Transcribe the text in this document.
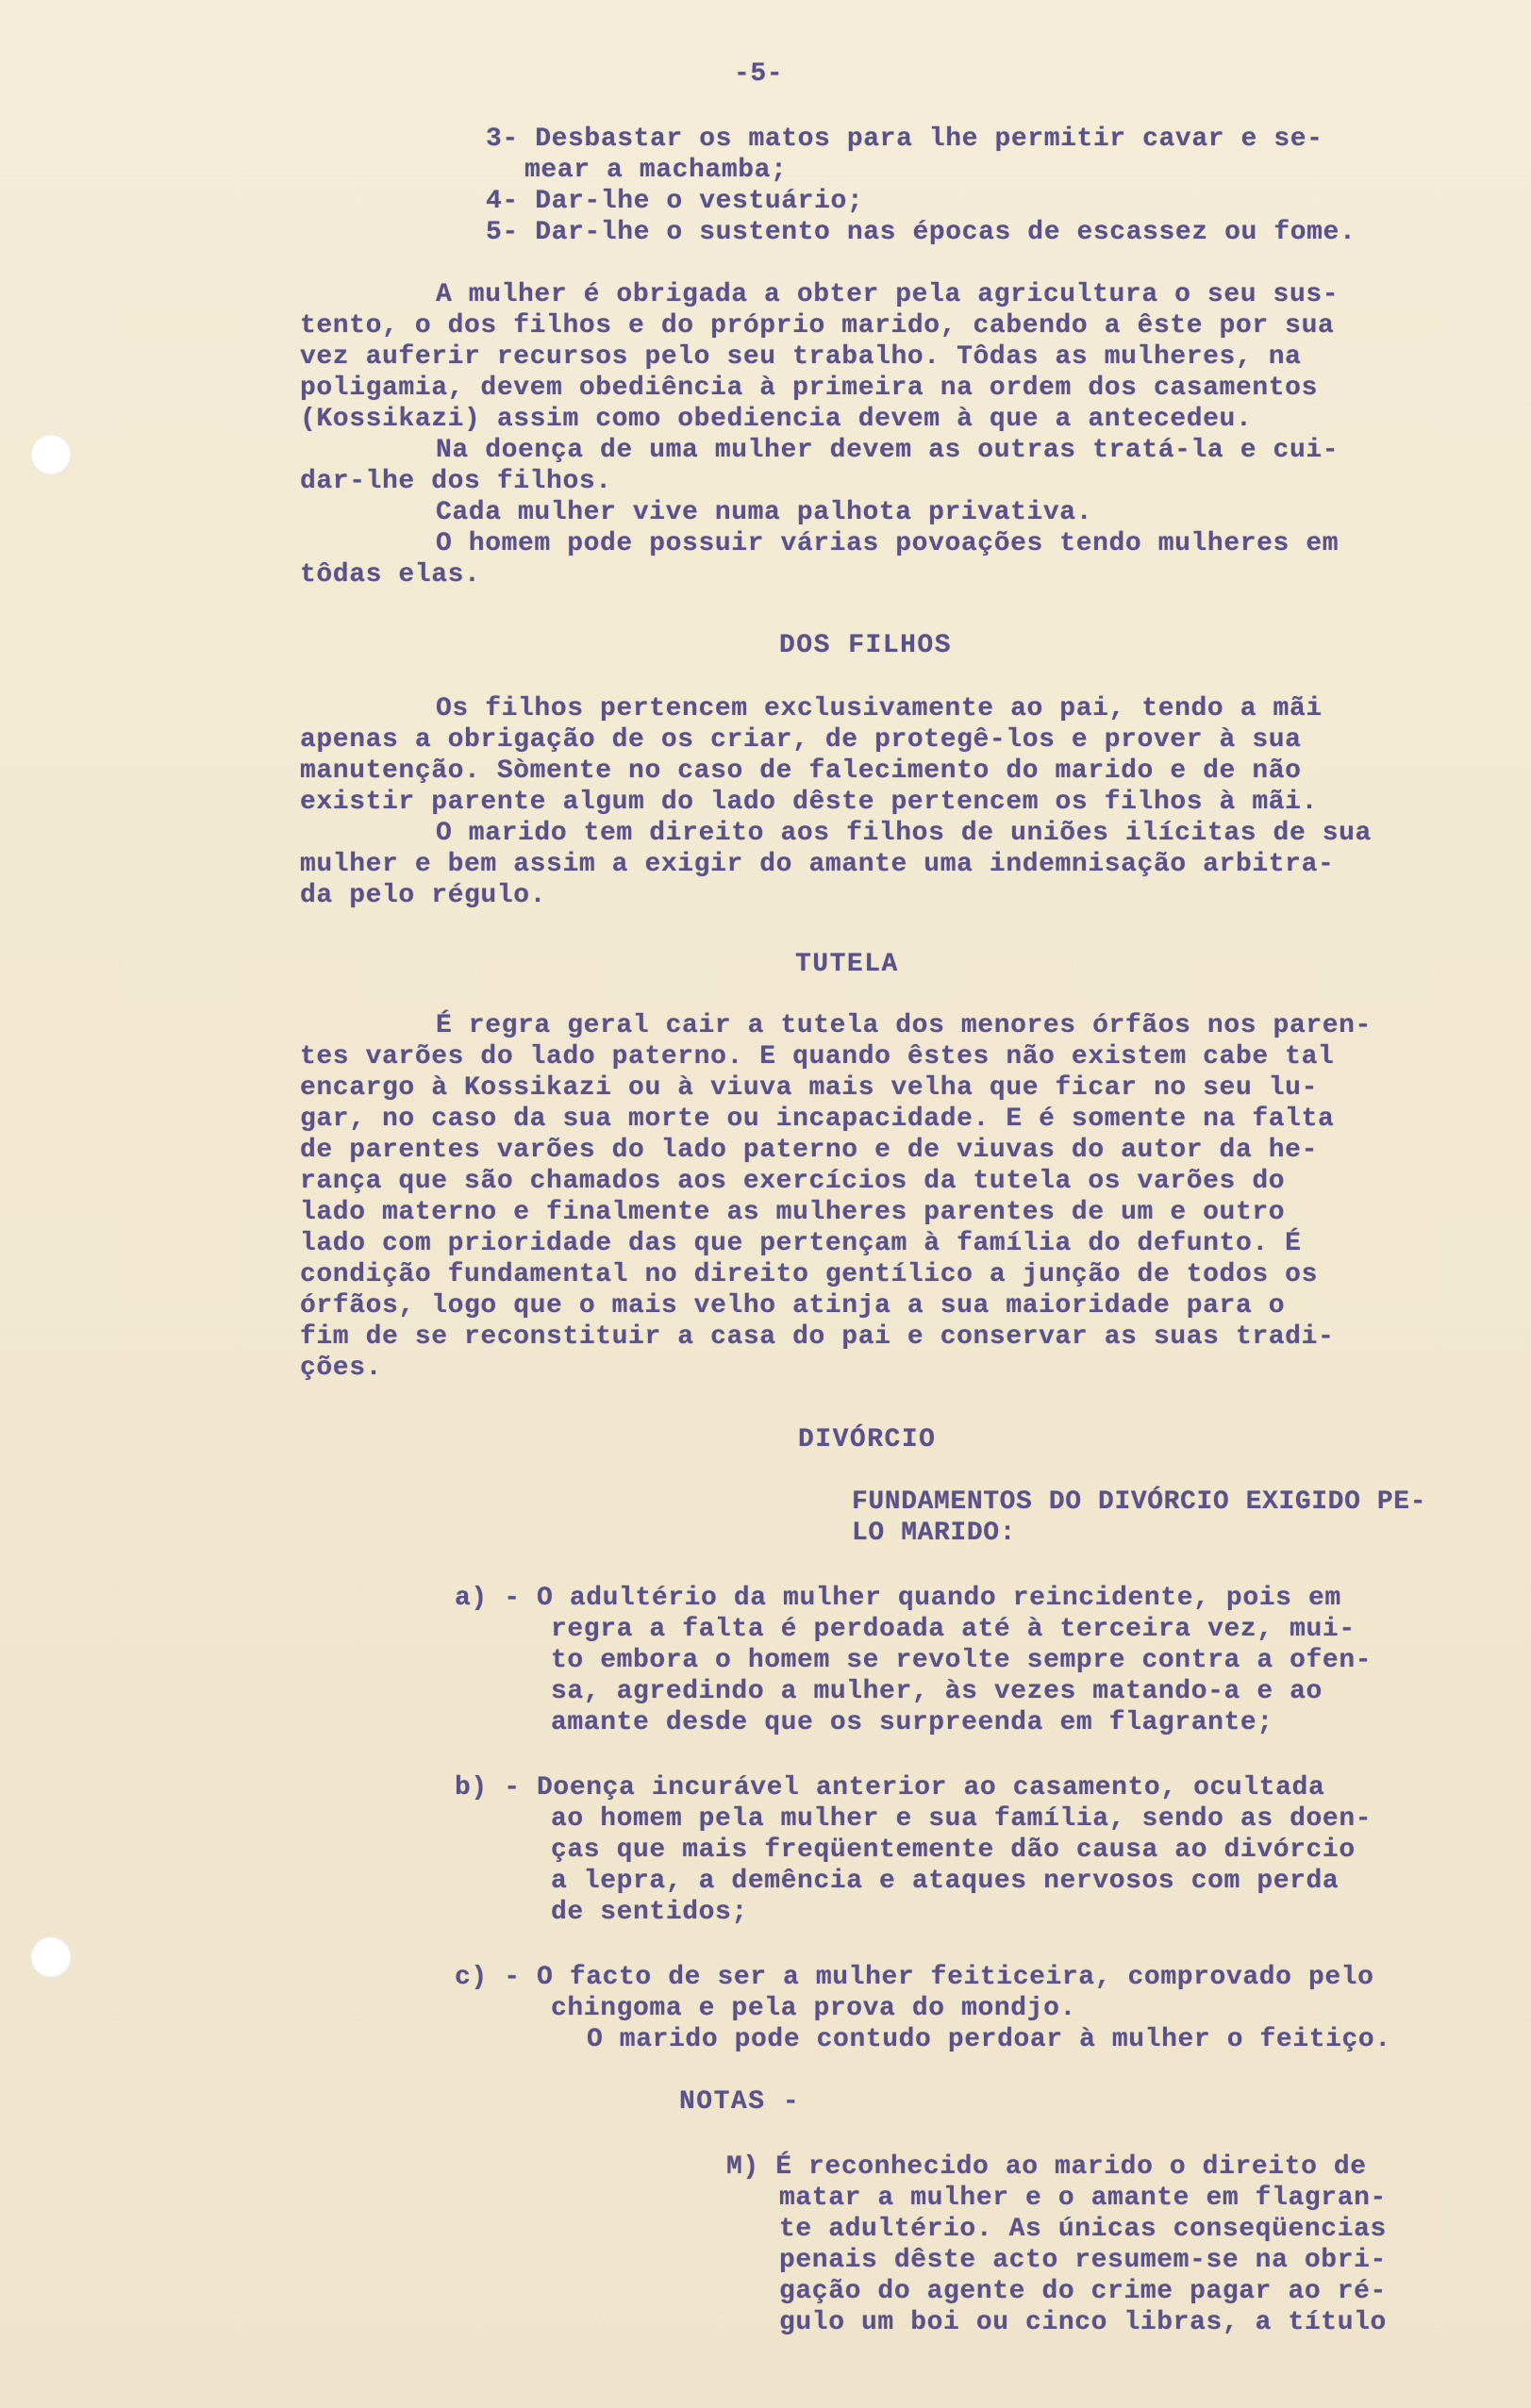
-5-

3- Desbastar os matos para lhe permitir cavar e se-

mear a machamba;

4- Dar-lhe o vestuário;

5- Dar-lhe o sustento nas épocas de escassez ou fome.

A mulher é obrigada a obter pela agricultura o seu sus-

tento, o dos filhos e do próprio marido, cabendo a êste por sua

vez auferir recursos pelo seu trabalho. Tôdas as mulheres, na

poligamia, devem obediência à primeira na ordem dos casamentos

(Kossikazi) assim como obediencia devem à que a antecedeu.

Na doença de uma mulher devem as outras tratá-la e cui-

dar-lhe dos filhos.

Cada mulher vive numa palhota privativa.

O homem pode possuir várias povoações tendo mulheres em

tôdas elas.

DOS FILHOS

Os filhos pertencem exclusivamente ao pai, tendo a mãi

apenas a obrigação de os criar, de protegê-los e prover à sua

manutenção. Sòmente no caso de falecimento do marido e de não

existir parente algum do lado dêste pertencem os filhos à mãi.

O marido tem direito aos filhos de uniões ilícitas de sua

mulher e bem assim a exigir do amante uma indemnisação arbitra-

da pelo régulo.

TUTELA

É regra geral cair a tutela dos menores órfãos nos paren-

tes varões do lado paterno. E quando êstes não existem cabe tal

encargo à Kossikazi ou à viuva mais velha que ficar no seu lu-

gar, no caso da sua morte ou incapacidade. E é somente na falta

de parentes varões do lado paterno e de viuvas do autor da he-

rança que são chamados aos exercícios da tutela os varões do

lado materno e finalmente as mulheres parentes de um e outro

lado com prioridade das que pertençam à família do defunto. É

condição fundamental no direito gentílico a junção de todos os

órfãos, logo que o mais velho atinja a sua maioridade para o

fim de se reconstituir a casa do pai e conservar as suas tradi-

ções.

DIVÓRCIO

FUNDAMENTOS DO DIVÓRCIO EXIGIDO PE-

LO MARIDO:

a) - O adultério da mulher quando reincidente, pois em

regra a falta é perdoada até à terceira vez, mui-

to embora o homem se revolte sempre contra a ofen-

sa, agredindo a mulher, às vezes matando-a e ao

amante desde que os surpreenda em flagrante;

b) - Doença incurável anterior ao casamento, ocultada

ao homem pela mulher e sua família, sendo as doen-

ças que mais freqüentemente dão causa ao divórcio

a lepra, a demência e ataques nervosos com perda

de sentidos;

c) - O facto de ser a mulher feiticeira, comprovado pelo

chingoma e pela prova do mondjo.

O marido pode contudo perdoar à mulher o feitiço.

NOTAS -

M) É reconhecido ao marido o direito de

matar a mulher e o amante em flagran-

te adultério. As únicas conseqüencias

penais dêste acto resumem-se na obri-

gação do agente do crime pagar ao ré-

gulo um boi ou cinco libras, a título
